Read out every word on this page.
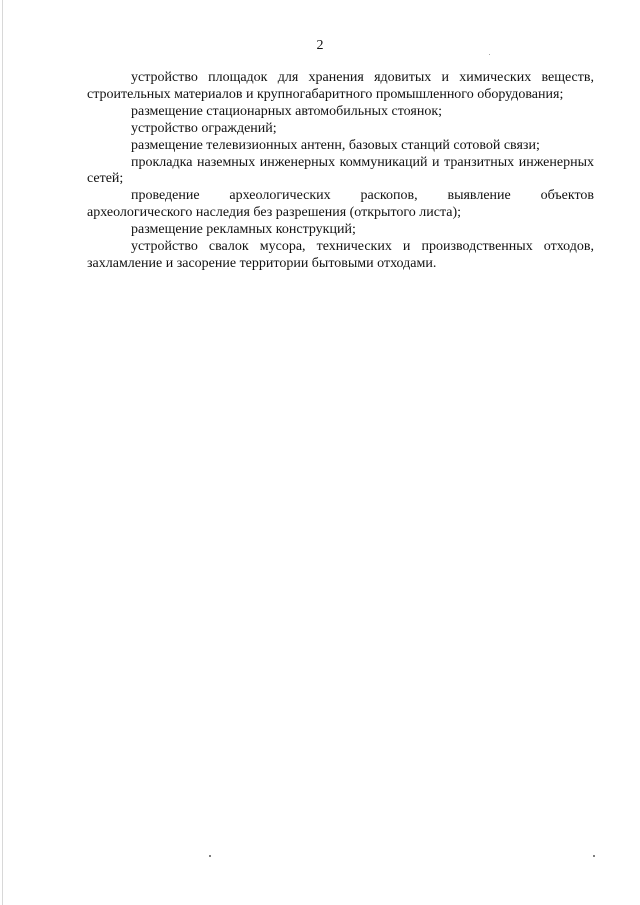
2

устройство площадок для хранения ядовитых и химических веществ, строительных материалов и крупногабаритного промышленного оборудования;

размещение стационарных автомобильных стоянок;

устройство ограждений;

размещение телевизионных антенн, базовых станций сотовой связи;

прокладка наземных инженерных коммуникаций и транзитных инженерных сетей;

проведение археологических раскопов, выявление объектов археологического наследия без разрешения (открытого листа);

размещение рекламных конструкций;

устройство свалок мусора, технических и производственных отходов, захламление и засорение территории бытовыми отходами.
